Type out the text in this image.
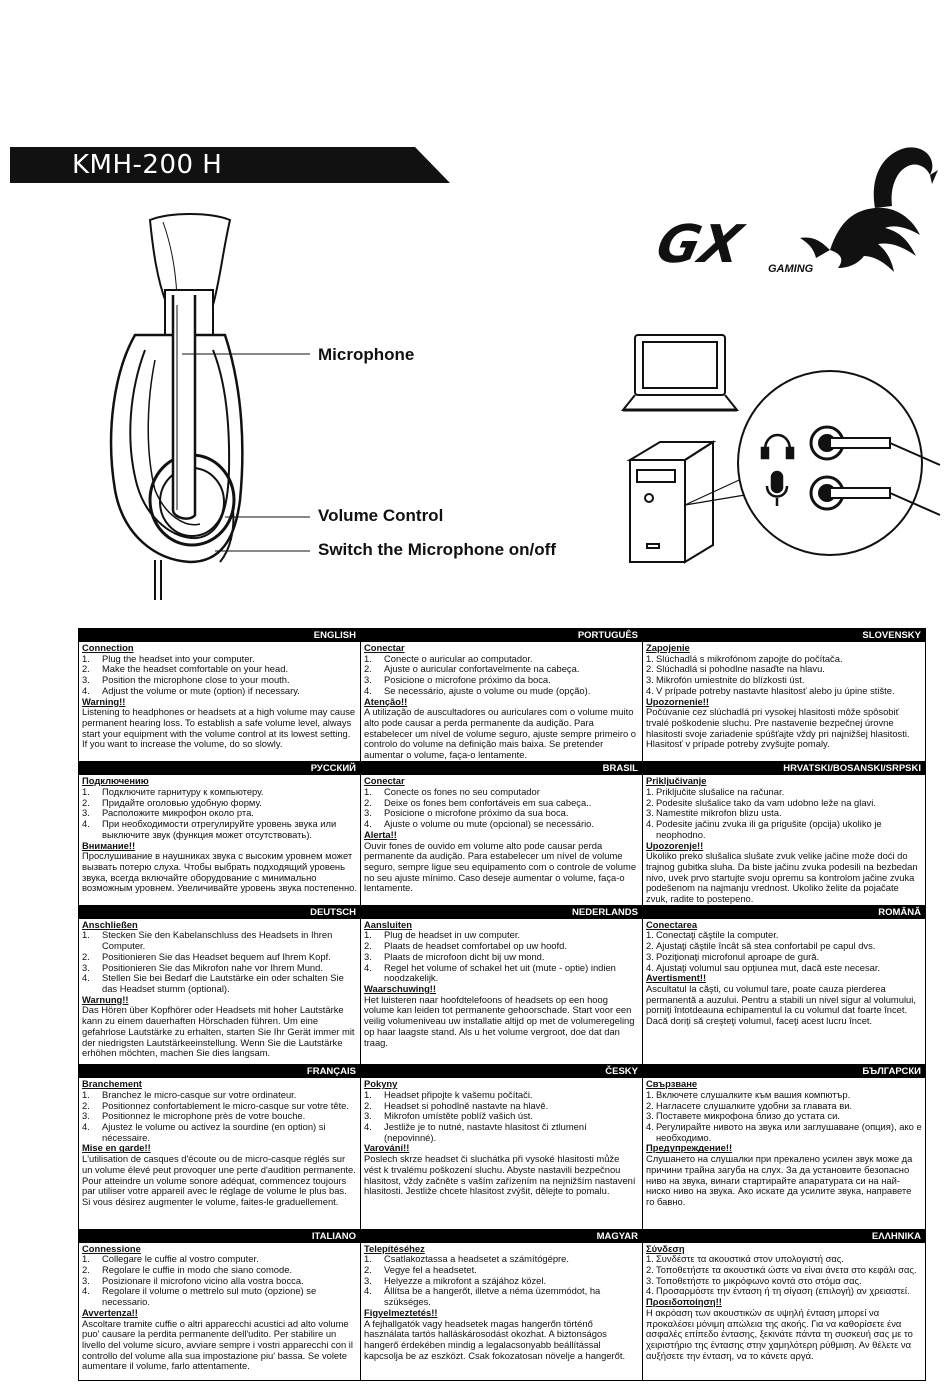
KMH-200 H
GX GAMING
Microphone
Volume Control
Switch the Microphone on/off
ENGLISH
Connection
1.	Plug the headset into your computer.
2.	Make the headset comfortable on your head.
3.	Position the microphone close to your mouth.
4.	Adjust the volume or mute (option) if necessary.
Warning!!

Listening to headphones or headsets at a high volume may cause permanent hearing loss. To establish a safe volume level, always start your equipment with the volume control at its lowest setting. If you want to increase the volume, do so slowly.

PORTUGUÊS
Conectar
1.	Conecte o auricular ao computador.
2.	Ajuste o auricular confortavelmente na cabeça.
3.	Posicione o microfone próximo da boca.
4.	Se necessário, ajuste o volume ou mude (opção).
Atenção!!

A utilização de auscultadores ou auriculares com o volume muito alto pode causar a perda permanente da audição. Para estabelecer um nível de volume seguro, ajuste sempre primeiro o controlo do volume na definição mais baixa. Se pretender aumentar o volume, faça-o lentamente.

SLOVENSKY
Zapojenie
1. Slúchadlá s mikrofónom zapojte do počítača.
2. Slúchadlá si pohodlne nasaďte na hlavu.
3. Mikrofón umiestnite do blízkosti úst.
4. V prípade potreby nastavte hlasitosť alebo ju úpine stište.
Upozornenie!!

Počúvanie cez slúchadlá pri vysokej hlasitosti môže spôsobiť trvalé poškodenie sluchu. Pre nastavenie bezpečnej úrovne hlasitosti svoje zariadenie spúšťajte vždy pri najnižšej hlasitosti. Hlasitosť v prípade potreby zvyšujte pomaly.

РУССКИЙ
Подключению
1.	Подключите гарнитуру к компьютеру.
2.	Придайте оголовью удобную форму.
3.	Расположите микрофон около рта.
4.	При необходимости отрегулируйте уровень звука или выключите звук (функция может отсутствовать).
Внимание!!

Прослушивание в наушниках звука с высоким уровнем может вызвать потерю слуха. Чтобы выбрать подходящий уровень звука, всегда включайте оборудование с минимально возможным уровнем. Увеличивайте уровень звука постепенно.

BRASIL
Conectar
1.	Conecte os fones no seu computador
2.	Deixe os fones bem confortáveis em sua cabeça..
3.	Posicione o microfone próximo da sua boca.
4.	Ajuste o volume ou mute (opcional) se necessário.
Alerta!!

Ouvir fones de ouvido em volume alto pode causar perda permanente da audição. Para estabelecer um nível de volume seguro, sempre ligue seu equipamento com o controle de volume no seu ajuste mínimo. Caso deseje aumentar o volume, faça-o lentamente.

HRVATSKI/BOSANSKI/SRPSKI
Priključivanje
1. Priključite slušalice na računar.
2. Podesite slušalice tako da vam udobno leže na glavi.
3. Namestite mikrofon blizu usta.
4. Podesite jačinu zvuka ili ga prigušite (opcija) ukoliko je neophodno.
Upozorenje!!

Ukoliko preko slušalica slušate zvuk velike jačine može doći do trajnog gubitka sluha. Da biste jačinu zvuka podesili na bezbedan nivo, uvek prvo startujte svoju opremu sa kontrolom jačine zvuka podešenom na najmanju vrednost. Ukoliko želite da pojačate zvuk, radite to postepeno.

DEUTSCH
Anschließen
1.	Stecken Sie den Kabelanschluss des Headsets in Ihren Computer.
2.	Positionieren Sie das Headset bequem auf Ihrem Kopf.
3.	Positionieren Sie das Mikrofon nahe vor Ihrem Mund.
4.	Stellen Sie bei Bedarf die Lautstärke ein oder schalten Sie das Headset stumm (optional).
Warnung!!

Das Hören über Kopfhörer oder Headsets mit hoher Lautstärke kann zu einem dauerhaften Hörschaden führen. Um eine gefahrlose Lautstärke zu erhalten, starten Sie Ihr Gerät immer mit der niedrigsten Lautstärkeeinstellung. Wenn Sie die Lautstärke erhöhen möchten, machen Sie dies langsam.

NEDERLANDS
Aansluiten
1.	Plug de headset in uw computer.
2.	Plaats de headset comfortabel op uw hoofd.
3.	Plaats de microfoon dicht bij uw mond.
4.	Regel het volume of schakel het uit (mute - optie) indien noodzakelijk.
Waarschuwing!!

Het luisteren naar hoofdtelefoons of headsets op een hoog volume kan leiden tot permanente gehoorschade. Start voor een veilig volumeniveau uw installatie altijd op met de volumeregeling op haar laagste stand. Als u het volume vergroot, doe dat dan traag.

ROMÂNĂ
Conectarea
1. Conectaţi căştile la computer.
2. Ajustaţi căştile încât să stea confortabil pe capul dvs.
3. Poziţionaţi microfonul aproape de gură.
4. Ajustaţi volumul sau opţiunea mut, dacă este necesar.
Avertisment!!

Ascultatul la căşti, cu volumul tare, poate cauza pierderea permanentă a auzului. Pentru a stabili un nivel sigur al volumului, porniţi întotdeauna echipamentul la cu volumul dat foarte încet. Dacă doriţi să creşteţi volumul, faceţi acest lucru încet.

FRANÇAIS
Branchement
1.	Branchez le micro-casque sur votre ordinateur.
2.	Positionnez confortablement le micro-casque sur votre tête.
3.	Positionnez le microphone près de votre bouche.
4.	Ajustez le volume ou activez la sourdine (en option) si nécessaire.
Mise en garde!!

L'utilisation de casques d'écoute ou de micro-casque réglés sur un volume élevé peut provoquer une perte d'audition permanente. Pour atteindre un volume sonore adéquat, commencez toujours par utiliser votre appareil avec le réglage de volume le plus bas. Si vous désirez augmenter le volume, faites-le graduellement.

ČESKY
Pokyny
1.	Headset připojte k vašemu počítači.
2.	Headset si pohodlně nastavte na hlavě.
3.	Mikrofon umístěte poblíž vašich úst.
4.	Jestliže je to nutné, nastavte hlasitost či ztlumení (nepovinné).
Varování!!

Poslech skrze headset či sluchátka při vysoké hlasitosti může vést k trvalému poškození sluchu. Abyste nastavili bezpečnou hlasitost, vždy začněte s vaším zařízením na nejnižším nastavení hlasitosti. Jestliže chcete hlasitost zvýšit, dělejte to pomalu.

БЪЛГАРСКИ
Свързване
1. Включете слушалките към вашия компютър.
2. Нагласете слушалките удобни за главата ви.
3. Поставете микрофона близо до устата си.
4. Регулирайте нивото на звука или заглушаване (опция), ако е необходимо.
Предупреждение!!

Слушането на слушалки при прекалено усилен звук може да причини трайна загуба на слух. За да установите безопасно ниво на звука, винаги стартирайте апаратурата си на най-ниско ниво на звука. Ако искате да усилите звука, направете го бавно.

ITALIANO
Connessione
1.	Collegare le cuffie al vostro computer.
2.	Regolare le cuffie in modo che siano comode.
3.	Posizionare il microfono vicino alla vostra bocca.
4.	Regolare il volume o mettrelo sul muto (opzione) se necessario.
Avvertenza!!

Ascoltare tramite cuffie o altri apparecchi acustici ad alto volume puo' causare la perdita permanente dell'udito. Per stabilire un livello del volume sicuro, avviare sempre i vostri apparecchi con il controllo del volume alla sua impostazione piu' bassa. Se volete aumentare il volume, farlo attentamente.

MAGYAR
Telepítéséhez
1.	Csatlakoztassa a headsetet a számítógépre.
2.	Vegye fel a headsetet.
3.	Helyezze a mikrofont a szájához közel.
4.	Állítsa be a hangerőt, illetve a néma üzemmódot, ha szükséges.
Figyelmeztetés!!

A fejhallgatók vagy headsetek magas hangerőn történő használata tartós halláskárosodást okozhat. A biztonságos hangerő érdekében mindig a legalacsonyabb beállítással kapcsolja be az eszközt. Csak fokozatosan növelje a hangerőt.

ΕΛΛΗΝΙΚΑ
Σύνδεση
1. Συνδέστε τα ακουστικά στον υπολογιστή σας.
2. Τοποθετήστε τα ακουστικά ώστε να είναι άνετα στο κεφάλι σας.
3. Τοποθετήστε το μικρόφωνο κοντά στο στόμα σας.
4. Προσαρμόστε την ένταση ή τη σίγαση (επιλογή) αν χρειαστεί.
Προειδοποίηση!!

Η ακρόαση των ακουστικών σε υψηλή ένταση μπορεί να προκαλέσει μόνιμη απώλεια της ακοής. Για να καθορίσετε ένα ασφαλές επίπεδο έντασης, ξεκινάτε πάντα τη συσκευή σας με το χειριστήριο της έντασης στην χαμηλότερη ρύθμιση. Αν θέλετε να αυξήσετε την ένταση, να το κάνετε αργά.
